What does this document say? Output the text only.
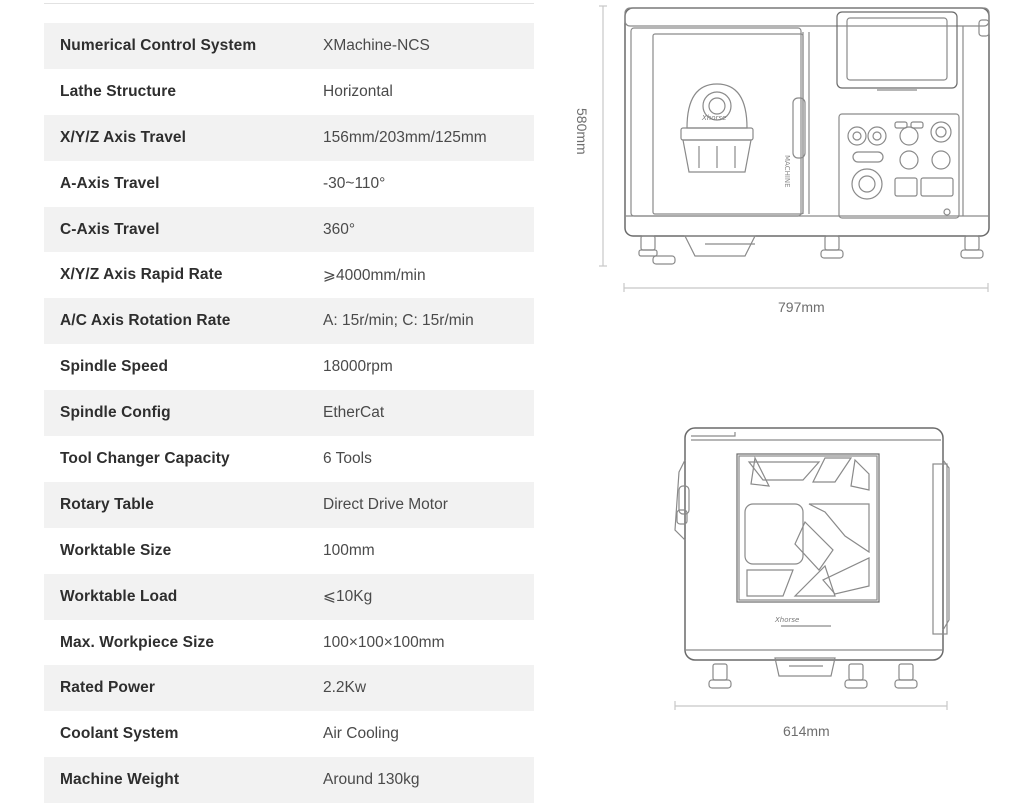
Numerical Control System	XMachine-NCS
Lathe Structure	Horizontal
X/Y/Z Axis Travel	156mm/203mm/125mm
A-Axis Travel	-30~110°
C-Axis Travel	360°
X/Y/Z Axis Rapid Rate	⩾4000mm/min
A/C Axis Rotation Rate	A: 15r/min; C: 15r/min
Spindle Speed	18000rpm
Spindle Config	EtherCat
Tool Changer Capacity	6 Tools
Rotary Table	Direct Drive Motor
Worktable Size	100mm
Worktable Load	⩽10Kg
Max. Workpiece Size	100×100×100mm
Rated Power	2.2Kw
Coolant System	Air Cooling
Machine Weight	Around 130kg
MACHINE
Xhorse
580mm
797mm
Xhorse
614mm
